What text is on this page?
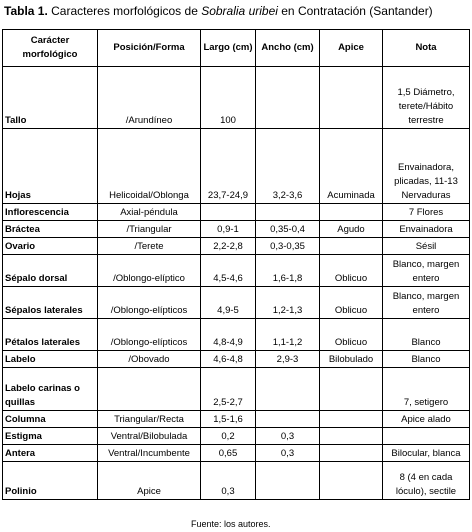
Tabla 1. Caracteres morfológicos de Sobralia uribei en Contratación (Santander)
Carácter morfológico	Posición/Forma	Largo (cm)	Ancho (cm)	Apice	Nota
Tallo	/Arundíneo	100			1,5 Diámetro, terete/Hábito terrestre
Hojas	Helicoidal/Oblonga	23,7-24,9	3,2-3,6	Acuminada	Envainadora, plicadas, 11-13 Nervaduras
Inflorescencia	Axial-péndula				7 Flores
Bráctea	/Triangular	0,9-1	0,35-0,4	Agudo	Envainadora
Ovario	/Terete	2,2-2,8	0,3-0,35		Sésil
Sépalo dorsal	/Oblongo-elíptico	4,5-4,6	1,6-1,8	Oblicuo	Blanco, margen entero
Sépalos laterales	/Oblongo-elípticos	4,9-5	1,2-1,3	Oblicuo	Blanco, margen entero
Pétalos laterales	/Oblongo-elípticos	4,8-4,9	1,1-1,2	Oblicuo	Blanco
Labelo	/Obovado	4,6-4,8	2,9-3	Bilobulado	Blanco
Labelo carinas o quillas		2,5-2,7			7, setigero
Columna	Triangular/Recta	1,5-1,6			Apice alado
Estigma	Ventral/Bilobulada	0,2	0,3		
Antera	Ventral/Incumbente	0,65	0,3		Bilocular, blanca
Polinio	Apice	0,3			8 (4 en cada lóculo), sectile
Fuente: los autores.
